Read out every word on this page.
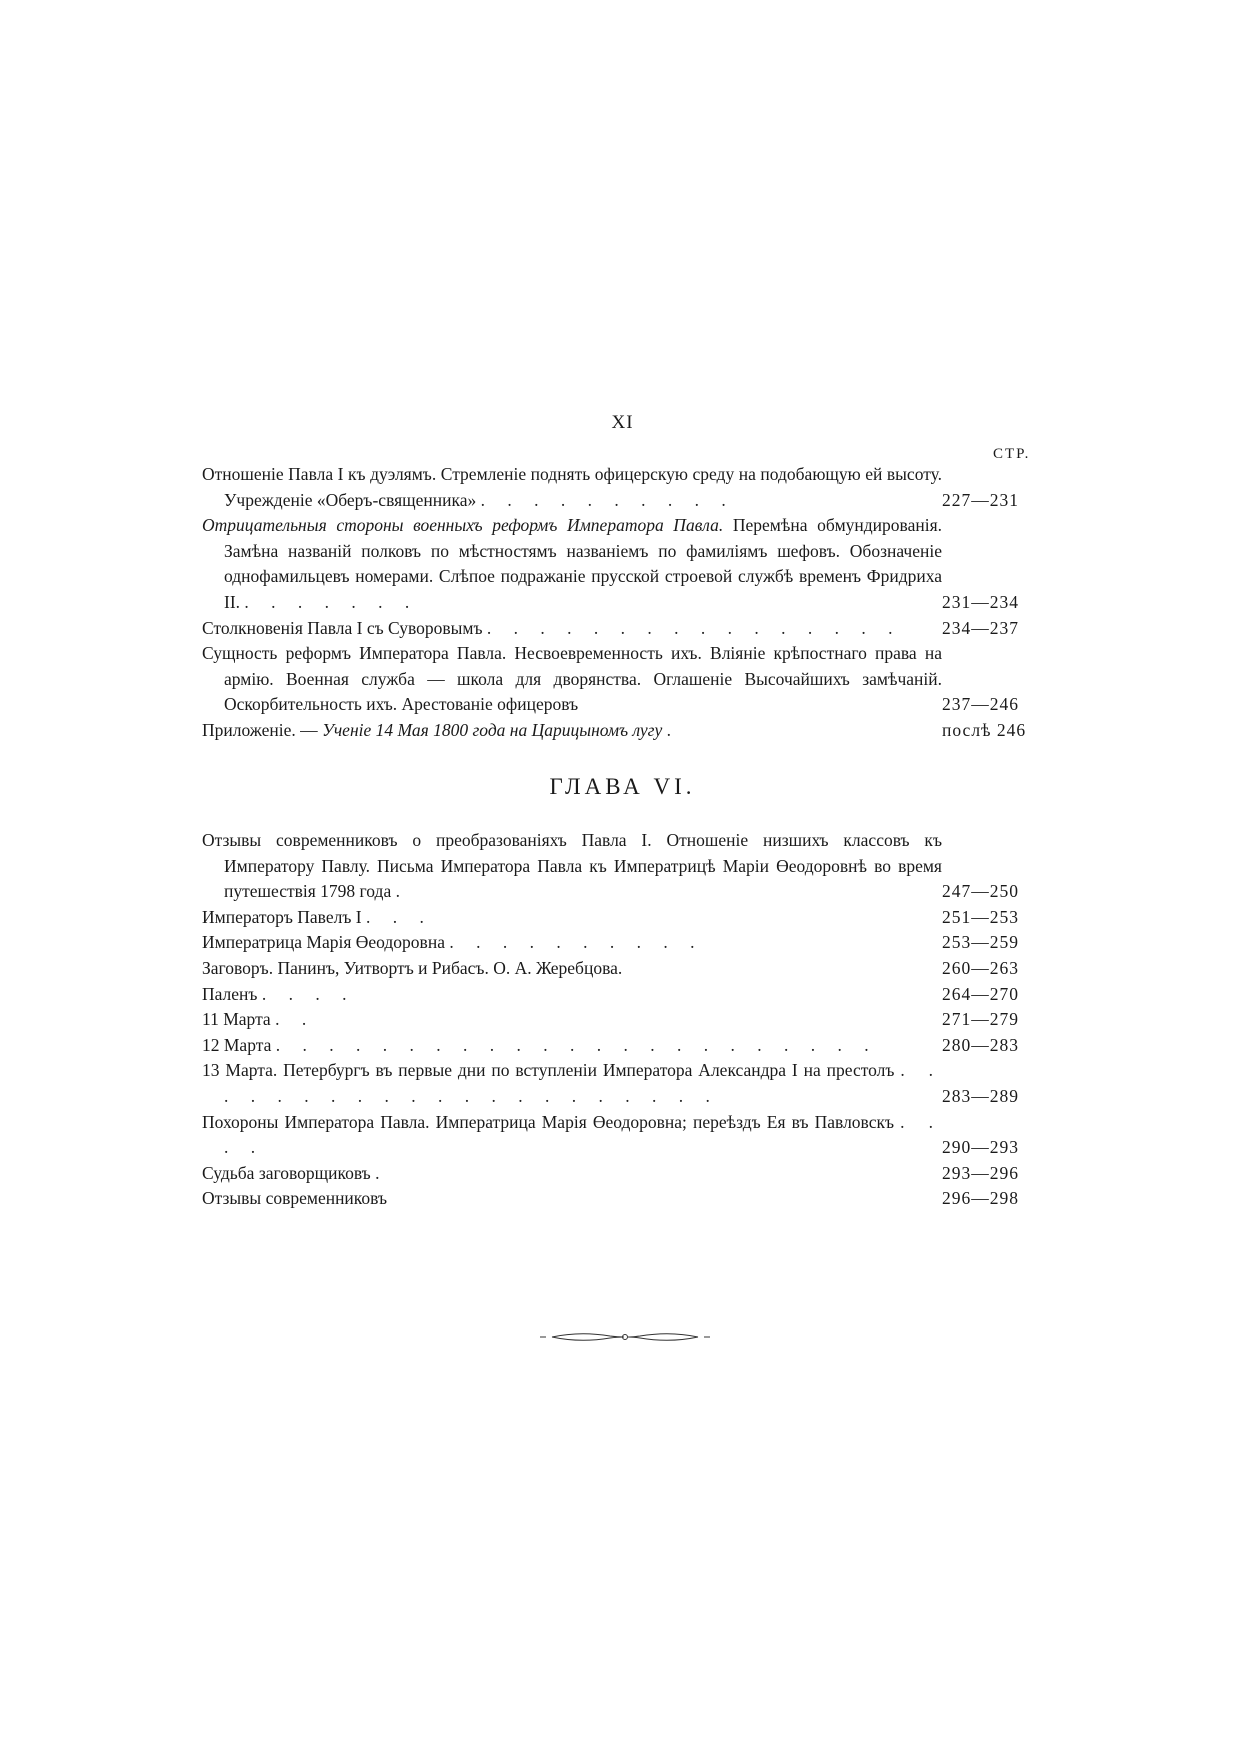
XI
СТР.
Отношеніе Павла I къ дуэлямъ. Стремленіе поднять офицерскую среду на подобающую ей высоту. Учрежденіе «Оберъ-священника» . . . . . . . . . .	227—231
Отрицательныя стороны военныхъ реформъ Императора Павла. Перемѣна обмундированія. Замѣна названій полковъ по мѣстностямъ названіемъ по фамиліямъ шефовъ. Обозначеніе однофамильцевъ номерами. Слѣпое подражаніе прусской строевой службѣ временъ Фридриха II. . . . . . . .	231—234
Столкновенія Павла I съ Суворовымъ . . . . . . . . . . . . . . . . 234—237
Сущность реформъ Императора Павла. Несвоевременность ихъ. Вліяніе крѣпостнаго права на армію. Военная служба — школа для дворянства. Оглашеніе Высочайшихъ замѣчаній. Оскорбительность ихъ. Арестованіе офицеровъ	237—246
Приложеніе. — Ученіе 14 Мая 1800 года на Царицыномъ лугу .	послѣ 246
ГЛАВА VI.
Отзывы современниковъ о преобразованіяхъ Павла I. Отношеніе низшихъ классовъ къ Императору Павлу. Письма Императора Павла къ Императрицѣ Маріи Өеодоровнѣ во время путешествія 1798 года .	247—250
Императоръ Павелъ I . . .	251—253
Императрица Марія Өеодоровна . . . . . . . . . .	253—259
Заговоръ. Панинъ, Уитвортъ и Рибасъ. О. А. Жеребцова.	260—263
Паленъ . . . .	264—270
11 Марта . .	271—279
12 Марта . . . . . . . . . . . . . . . . . . . . . . .	280—283
13 Марта. Петербургъ въ первые дни по вступленіи Императора Александра I на престолъ . . . . . . . . . . . . . . . . . . . . .	283—289
Похороны Императора Павла. Императрица Марія Өеодоровна; переѣздъ Ея въ Павловскъ . . . .	290—293
Судьба заговорщиковъ .	293—296
Отзывы современниковъ	296—298
